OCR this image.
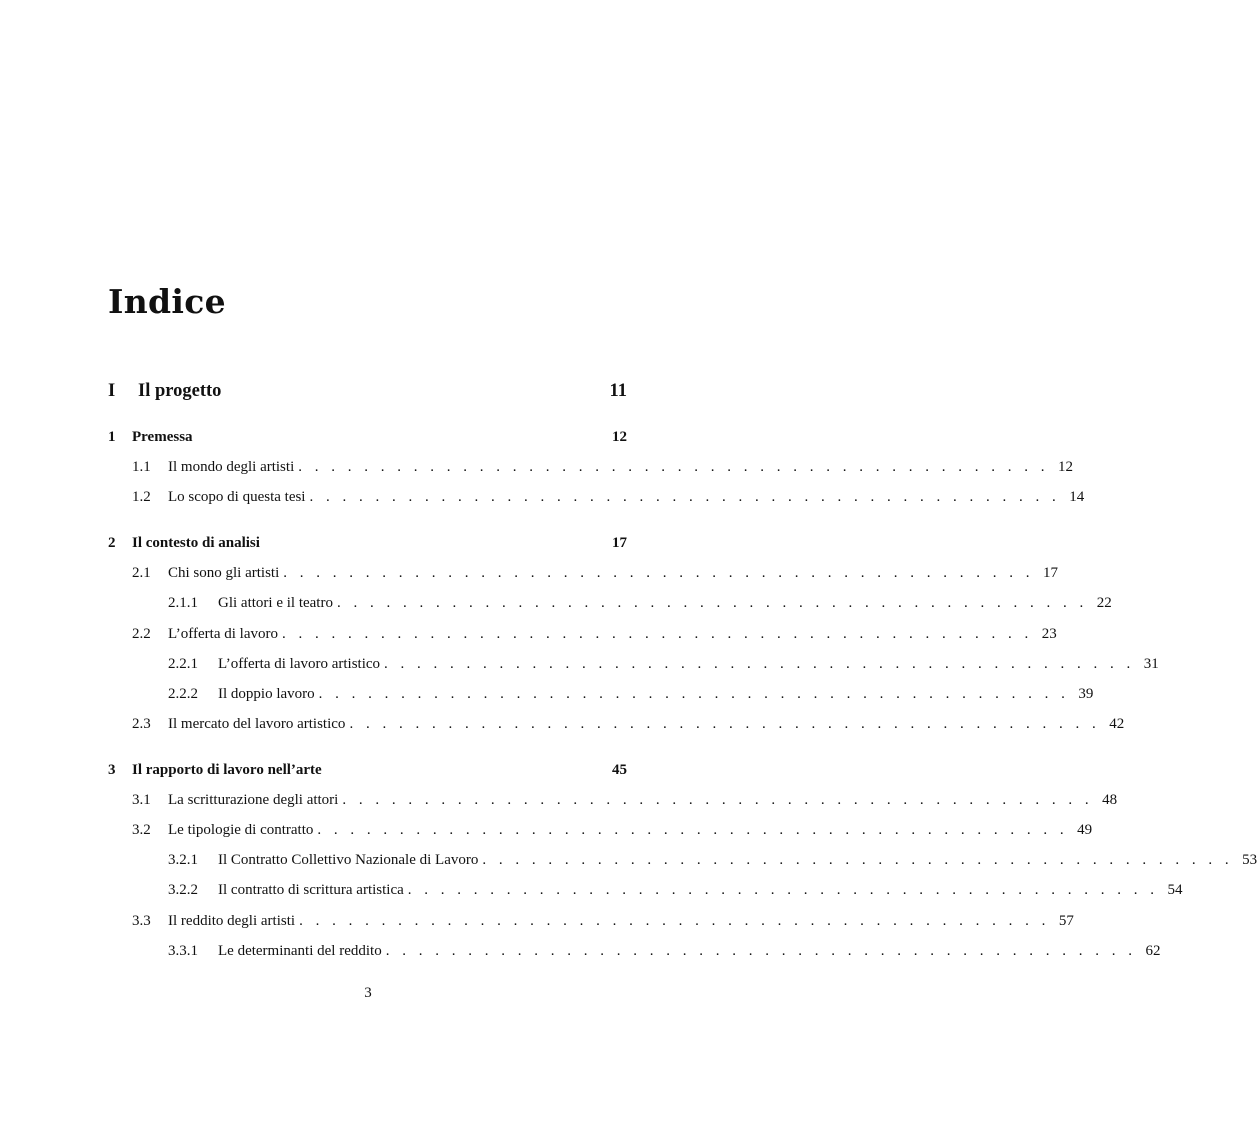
Indice
I	Il progetto	11
1	Premessa	12
1.1	Il mondo degli artisti . . . . . . . . . . . . . . . . . . . . . . . . . . . . . . . . . . . . . . . . . . . . . . 12
1.2	Lo scopo di questa tesi . . . . . . . . . . . . . . . . . . . . . . . . . . . . . . . . . . . . . . . . . . . . . . 14
2	Il contesto di analisi	17
2.1	Chi sono gli artisti . . . . . . . . . . . . . . . . . . . . . . . . . . . . . . . . . . . . . . . . . . . . . . 17
2.1.1	Gli attori e il teatro . . . . . . . . . . . . . . . . . . . . . . . . . . . . . . . . . . . . . . . . . . . . . . 22
2.2	L’offerta di lavoro . . . . . . . . . . . . . . . . . . . . . . . . . . . . . . . . . . . . . . . . . . . . . . 23
2.2.1	L’offerta di lavoro artistico . . . . . . . . . . . . . . . . . . . . . . . . . . . . . . . . . . . . . . . . . . . . . . 31
2.2.2	Il doppio lavoro . . . . . . . . . . . . . . . . . . . . . . . . . . . . . . . . . . . . . . . . . . . . . . 39
2.3	Il mercato del lavoro artistico . . . . . . . . . . . . . . . . . . . . . . . . . . . . . . . . . . . . . . . . . . . . . . 42
3	Il rapporto di lavoro nell’arte	45
3.1	La scritturazione degli attori . . . . . . . . . . . . . . . . . . . . . . . . . . . . . . . . . . . . . . . . . . . . . . 48
3.2	Le tipologie di contratto . . . . . . . . . . . . . . . . . . . . . . . . . . . . . . . . . . . . . . . . . . . . . . 49
3.2.1	Il Contratto Collettivo Nazionale di Lavoro . . . . . . . . . . . . . . . . . . . . . . . . . . . . . . . . . . . . . . . . . . . . . . 53
3.2.2	Il contratto di scrittura artistica . . . . . . . . . . . . . . . . . . . . . . . . . . . . . . . . . . . . . . . . . . . . . . 54
3.3	Il reddito degli artisti . . . . . . . . . . . . . . . . . . . . . . . . . . . . . . . . . . . . . . . . . . . . . . 57
3.3.1	Le determinanti del reddito . . . . . . . . . . . . . . . . . . . . . . . . . . . . . . . . . . . . . . . . . . . . . . 62
3
